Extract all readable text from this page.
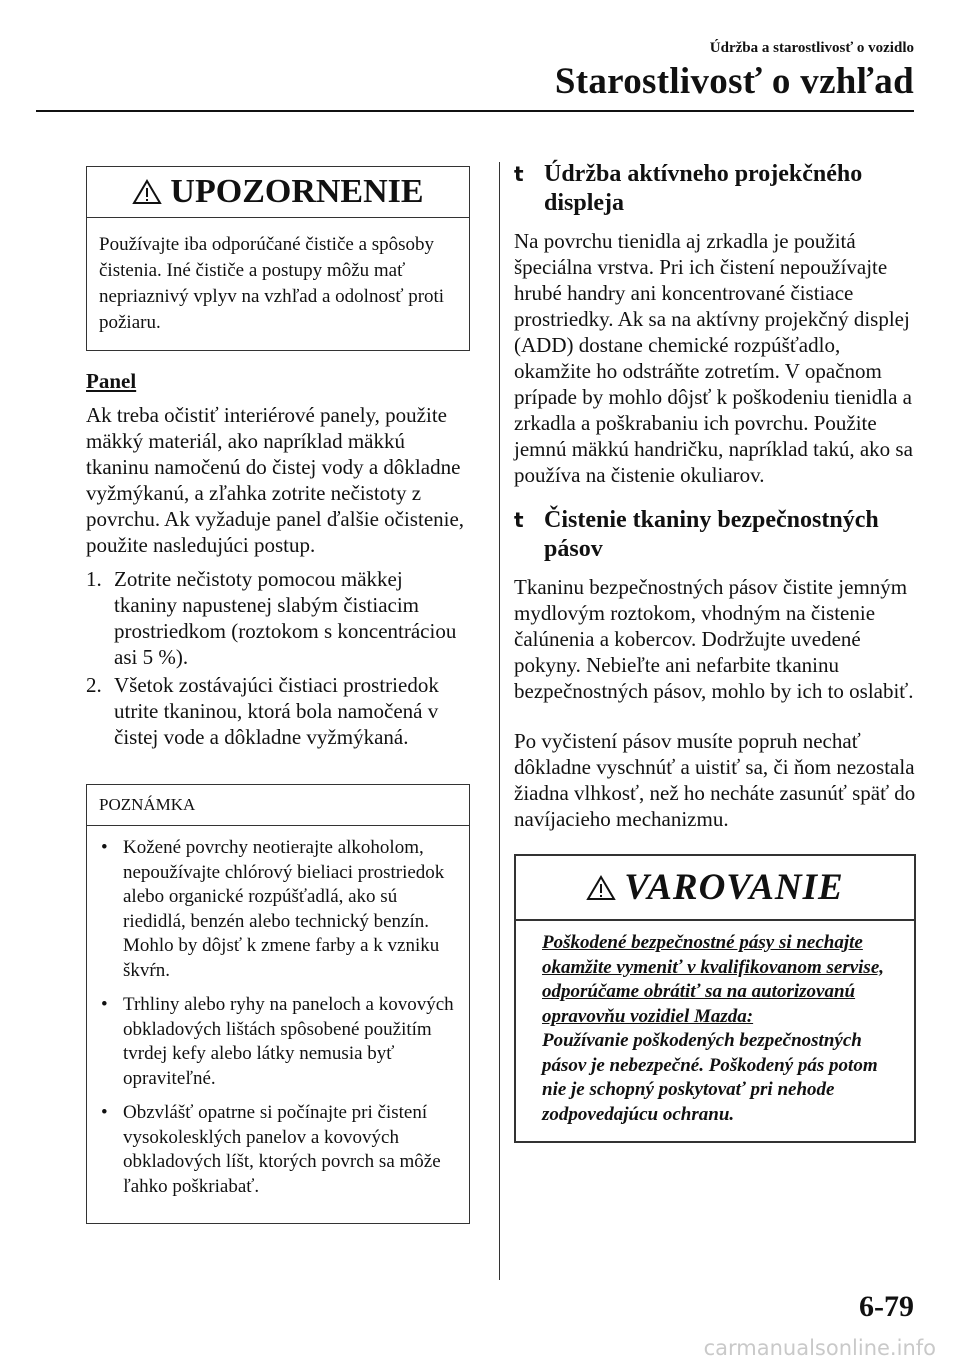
Údržba a starostlivosť o vozidlo
Starostlivosť o vzhľad
UPOZORNENIE
Používajte iba odporúčané čističe a spôsoby čistenia. Iné čističe a postupy môžu mať nepriaznivý vplyv na vzhľad a odolnosť proti požiaru.
Panel

Ak treba očistiť interiérové panely, použite mäkký materiál, ako napríklad mäkkú tkaninu namočenú do čistej vody a dôkladne vyžmýkanú, a zľahka zotrite nečistoty z povrchu. Ak vyžaduje panel ďalšie očistenie, použite nasledujúci postup.

1. Zotrite nečistoty pomocou mäkkej tkaniny napustenej slabým čistiacim prostriedkom (roztokom s koncentráciou asi 5 %).
2. Všetok zostávajúci čistiaci prostriedok utrite tkaninou, ktorá bola namočená v čistej vode a dôkladne vyžmýkaná.
POZNÁMKA
• Kožené povrchy neotierajte alkoholom, nepoužívajte chlórový bieliaci prostriedok alebo organické rozpúšťadlá, ako sú riedidlá, benzén alebo technický benzín. Mohlo by dôjsť k zmene farby a k vzniku škvŕn.
• Trhliny alebo ryhy na paneloch a kovových obkladových lištách spôsobené použitím tvrdej kefy alebo látky nemusia byť opraviteľné.
• Obzvlášť opatrne si počínajte pri čistení vysokolesklých panelov a kovových obkladových líšt, ktorých povrch sa môže ľahko poškriabať.
t Údržba aktívneho projekčného displeja

Na povrchu tienidla aj zrkadla je použitá špeciálna vrstva. Pri ich čistení nepoužívajte hrubé handry ani koncentrované čistiace prostriedky. Ak sa na aktívny projekčný displej (ADD) dostane chemické rozpúšťadlo, okamžite ho odstráňte zotretím. V opačnom prípade by mohlo dôjsť k poškodeniu tienidla a zrkadla a poškrabaniu ich povrchu. Použite jemnú mäkkú handričku, napríklad takú, ako sa používa na čistenie okuliarov.

t Čistenie tkaniny bezpečnostných pásov

Tkaninu bezpečnostných pásov čistite jemným mydlovým roztokom, vhodným na čistenie čalúnenia a kobercov. Dodržujte uvedené pokyny. Nebieľte ani nefarbite tkaninu bezpečnostných pásov, mohlo by ich to oslabiť.

Po vyčistení pásov musíte popruh nechať dôkladne vyschnúť a uistiť sa, či ňom nezostala žiadna vlhkosť, než ho necháte zasunúť späť do navíjacieho mechanizmu.

VAROVANIE
Poškodené bezpečnostné pásy si nechajte okamžite vymeniť v kvalifikovanom servise, odporúčame obrátiť sa na autorizovanú opravovňu vozidiel Mazda:
Používanie poškodených bezpečnostných pásov je nebezpečné. Poškodený pás potom nie je schopný poskytovať pri nehode zodpovedajúcu ochranu.
6-79
carmanualsonline.info
